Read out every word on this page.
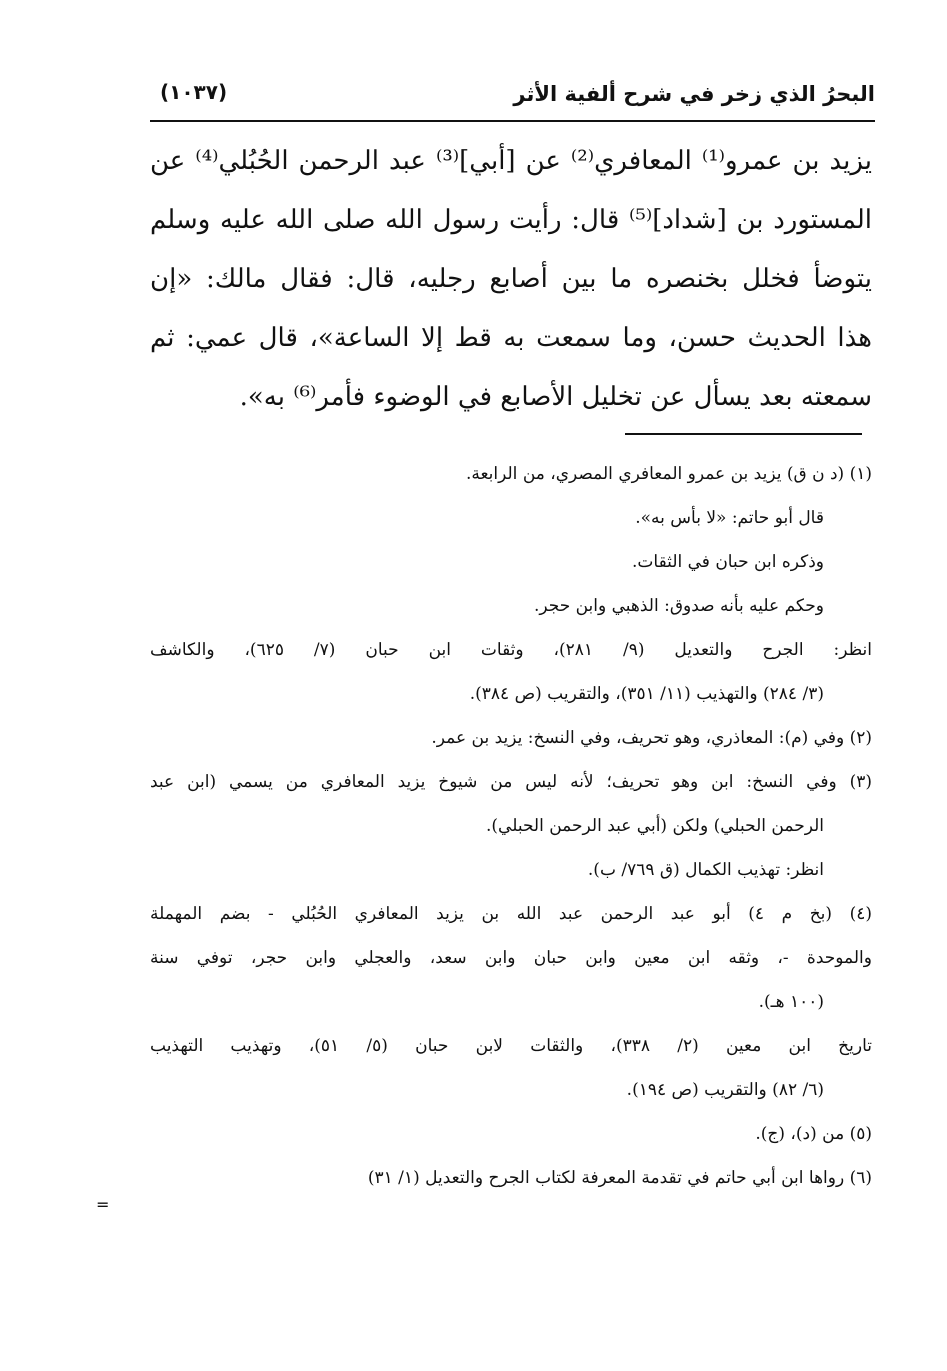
البحرُ الذي زخر في شرح ألفية الأثر
(١٠٣٧)
يزيد بن عمرو⁽¹⁾ المعافري⁽²⁾ عن [أبي]⁽³⁾ عبد الرحمن الحُبُلي⁽⁴⁾ عن
المستورد بن [شداد]⁽⁵⁾ قال: رأيت رسول الله صلى الله عليه وسلم
يتوضأ فخلل بخنصره ما بين أصابع رجليه، قال: فقال مالك: «إن
هذا الحديث حسن، وما سمعت به قط إلا الساعة»، قال عمي: ثم
سمعته بعد يسأل عن تخليل الأصابع في الوضوء فأمر⁽⁶⁾ به».
(١) (د ن ق) يزيد بن عمرو المعافري المصري، من الرابعة.
قال أبو حاتم: «لا بأس به».
وذكره ابن حبان في الثقات.
وحكم عليه بأنه صدوق: الذهبي وابن حجر.
انظر: الجرح والتعديل (٩/ ٢٨١)، وثقات ابن حبان (٧/ ٦٢٥)، والكاشف
(٣/ ٢٨٤) والتهذيب (١١/ ٣٥١)، والتقريب (ص ٣٨٤).
(٢) وفي (م): المعاذري، وهو تحريف، وفي النسخ: يزيد بن عمر.
(٣) وفي النسخ: ابن وهو تحريف؛ لأنه ليس من شيوخ يزيد المعافري من يسمي (ابن عبد
الرحمن الحبلي) ولكن (أبي عبد الرحمن الحبلي).
انظر: تهذيب الكمال (ق ٧٦٩/ ب).
(٤) (بخ م ٤) أبو عبد الرحمن عبد الله بن يزيد المعافري الحُبُلي - بضم المهملة
والموحدة -، وثقه ابن معين وابن حبان وابن سعد، والعجلي وابن حجر، توفي سنة
(١٠٠ هـ).
تاريخ ابن معين (٢/ ٣٣٨)، والثقات لابن حبان (٥/ ٥١)، وتهذيب التهذيب
(٦/ ٨٢) والتقريب (ص ١٩٤).
(٥) من (د)، (ج).
(٦) رواها ابن أبي حاتم في تقدمة المعرفة لكتاب الجرح والتعديل (١/ ٣١)
=
